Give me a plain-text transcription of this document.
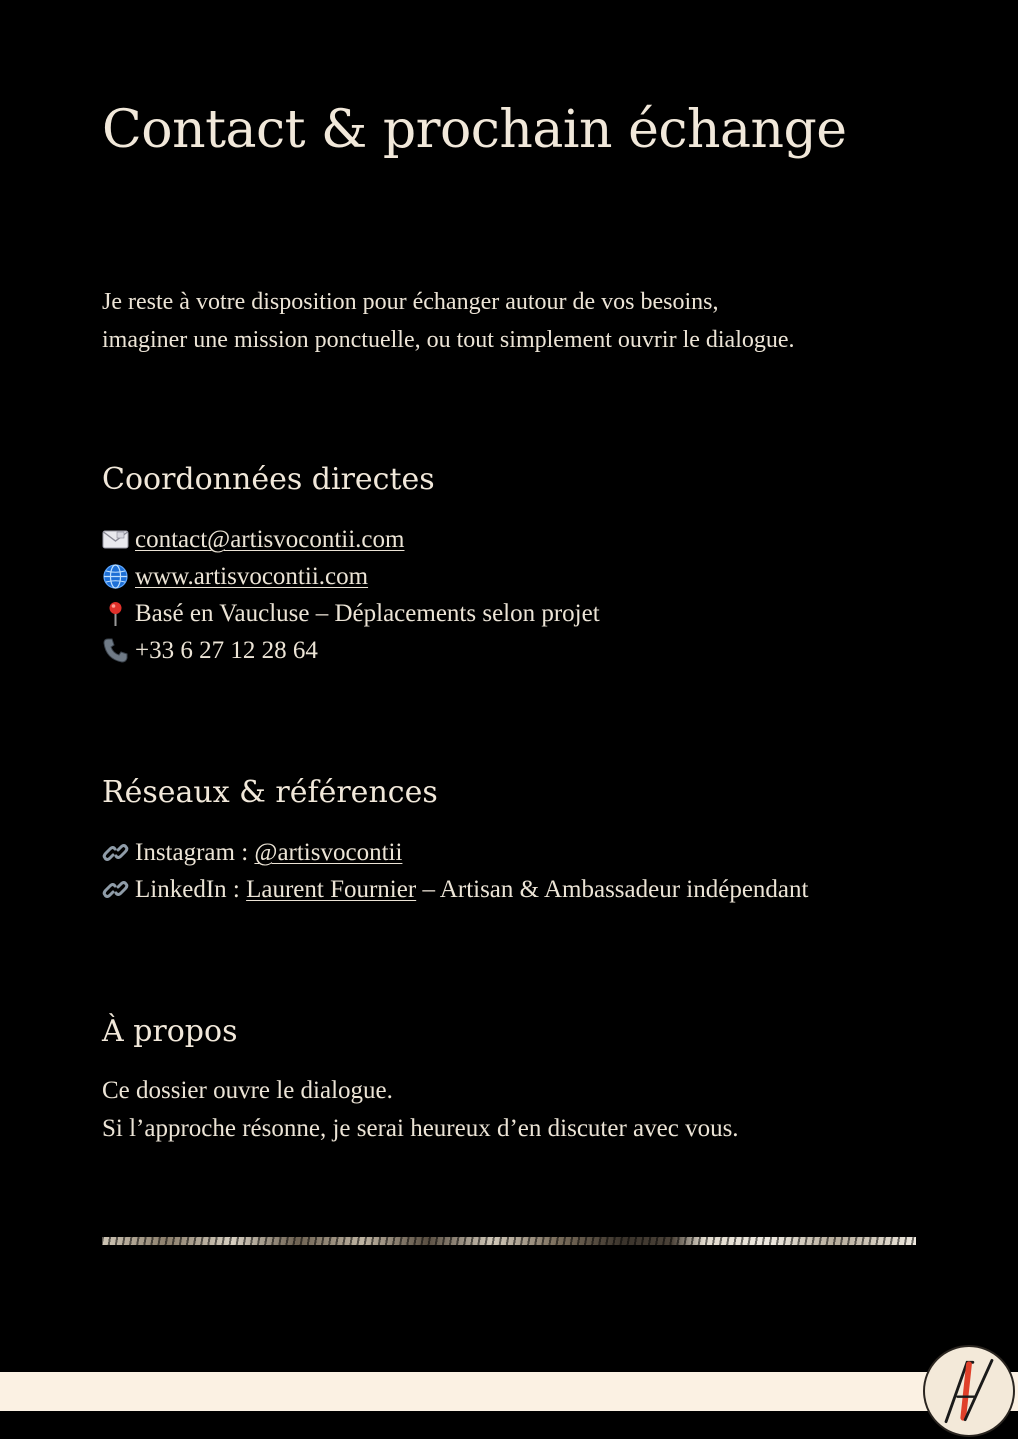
Contact & prochain échange

Je reste à votre disposition pour échanger autour de vos besoins,
imaginer une mission ponctuelle, ou tout simplement ouvrir le dialogue.

Coordonnées directes
contact@artisvocontii.com
www.artisvocontii.com
Basé en Vaucluse – Déplacements selon projet
+33 6 27 12 28 64
Réseaux & références
Instagram : @artisvocontii
LinkedIn : Laurent Fournier – Artisan & Ambassadeur indépendant
À propos

Ce dossier ouvre le dialogue.
Si l’approche résonne, je serai heureux d’en discuter avec vous.
